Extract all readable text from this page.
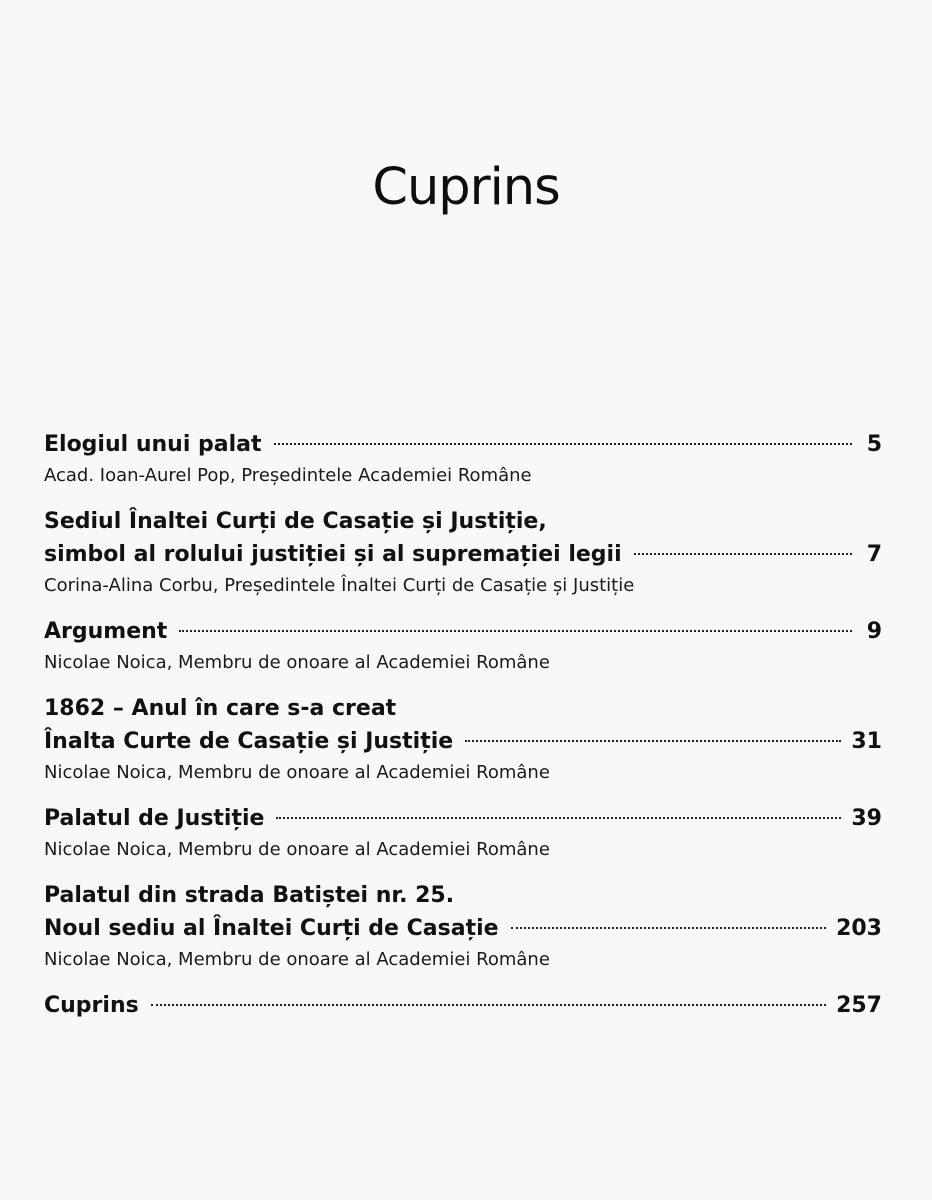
Cuprins
Elogiul unui palat	5
Acad. Ioan-Aurel Pop, Președintele Academiei Române
Sediul Înaltei Curți de Casație și Justiție,
simbol al rolului justiției și al supremației legii	7
Corina-Alina Corbu, Președintele Înaltei Curți de Casație și Justiție
Argument	9
Nicolae Noica, Membru de onoare al Academiei Române
1862 – Anul în care s-a creat
Înalta Curte de Casație și Justiție	31
Nicolae Noica, Membru de onoare al Academiei Române
Palatul de Justiție	39
Nicolae Noica, Membru de onoare al Academiei Române
Palatul din strada Batiștei nr. 25.
Noul sediu al Înaltei Curți de Casație	203
Nicolae Noica, Membru de onoare al Academiei Române
Cuprins	257
